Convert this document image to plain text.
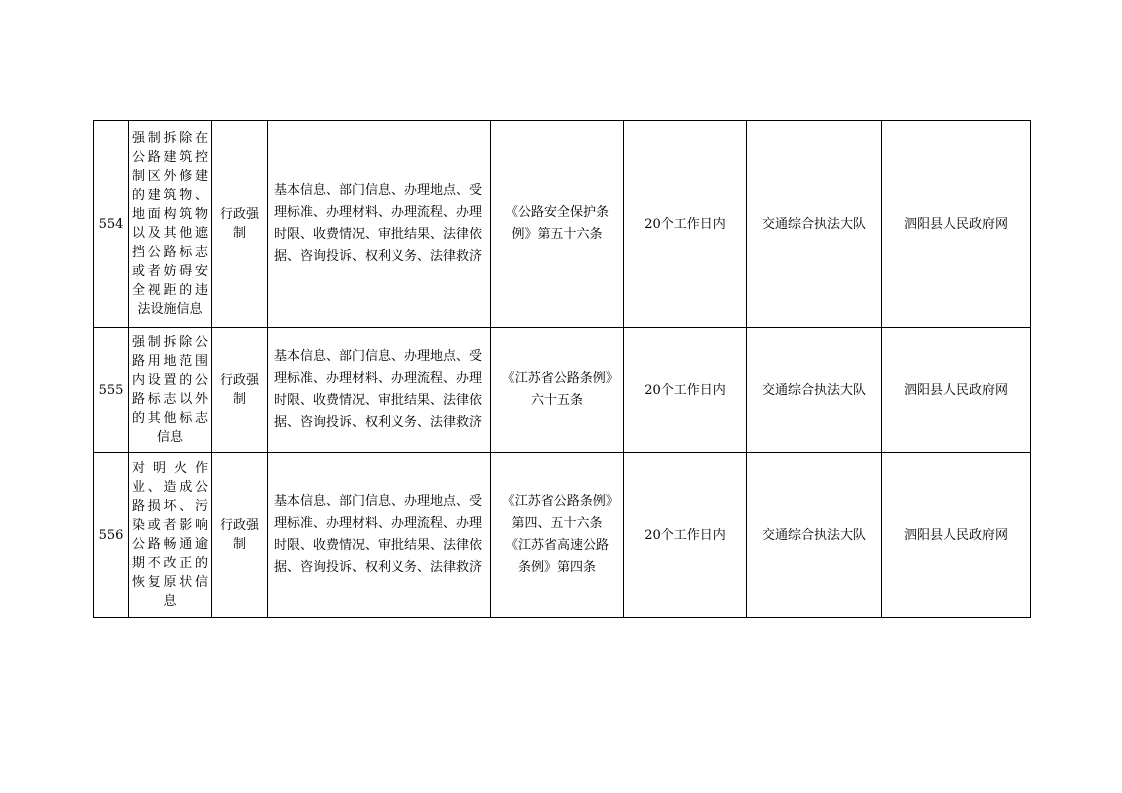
554	强制拆除在公路建筑控制区外修建的建筑物、地面构筑物以及其他遮挡公路标志或者妨碍安全视距的违法设施信息	行政强制	基本信息、部门信息、办理地点、受理标准、办理材料、办理流程、办理时限、收费情况、审批结果、法律依据、咨询投诉、权利义务、法律救济	《公路安全保护条例》第五十六条	20个工作日内	交通综合执法大队	泗阳县人民政府网
555	强制拆除公路用地范围内设置的公路标志以外的其他标志信息	行政强制	基本信息、部门信息、办理地点、受理标准、办理材料、办理流程、办理时限、收费情况、审批结果、法律依据、咨询投诉、权利义务、法律救济	《江苏省公路条例》六十五条	20个工作日内	交通综合执法大队	泗阳县人民政府网
556	对明火作业、造成公路损坏、污染或者影响公路畅通逾期不改正的恢复原状信息	行政强制	基本信息、部门信息、办理地点、受理标准、办理材料、办理流程、办理时限、收费情况、审批结果、法律依据、咨询投诉、权利义务、法律救济	《江苏省公路条例》第四、五十六条《江苏省高速公路条例》第四条	20个工作日内	交通综合执法大队	泗阳县人民政府网
